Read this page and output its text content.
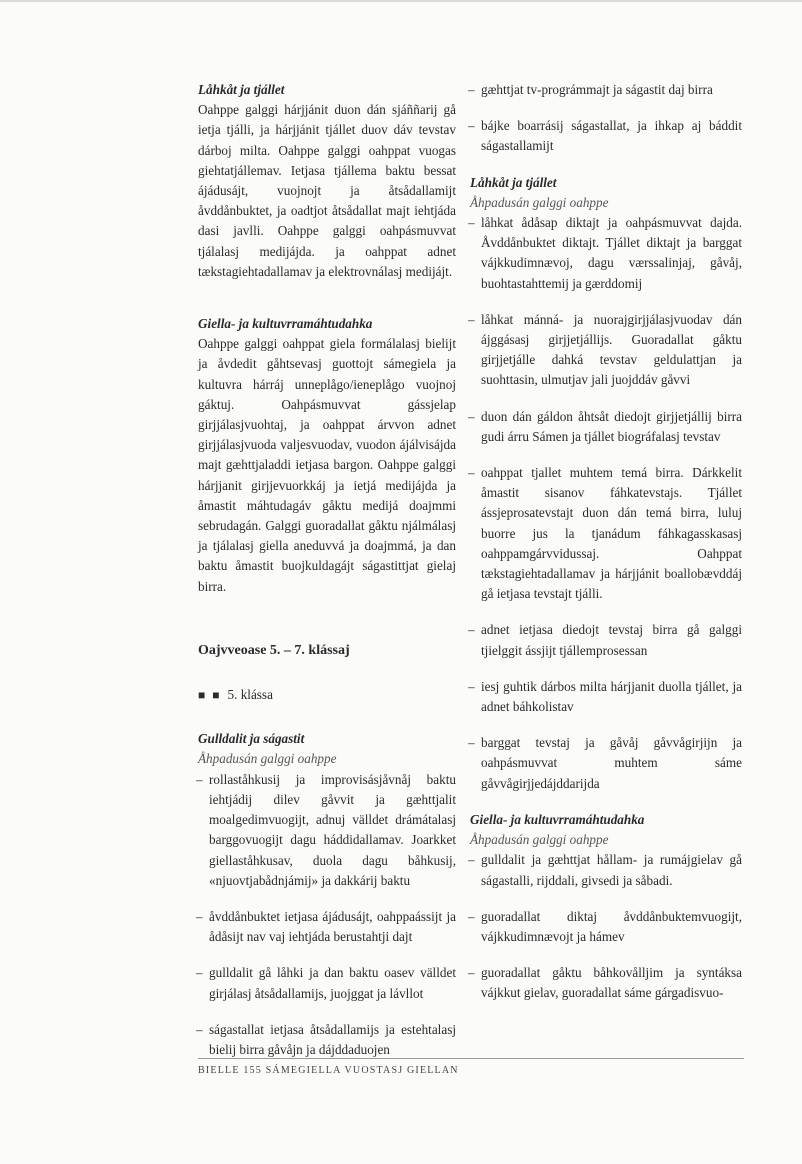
Låhkåt ja tjállet
Oahppe galggi hárjjánit duon dán sjáññarij gå ietja tjálli, ja hárjjánit tjállet duov dáv tevstav dárboj milta. Oahppe galggi oahppat vuogas giehtatjállemav. Ietjasa tjállema baktu bessat ájádusájt, vuojnojt ja åtsådallamijt åvddånbuktet, ja oadtjot åtsådallat majt iehtjáda dasi javlli. Oahppe galggi oahpásmuvvat tjálalasj medijájda. ja oahppat adnet tækstagiehtadallamav ja elektrovnálasj medijájt.
Giella- ja kultuvrramáhtudahka
Oahppe galggi oahppat giela formálalasj bielijt ja åvdedit gåhtsevasj guottojt sámegiela ja kultuvra hárráj unneplågo/ieneplågo vuojnoj gáktuj. Oahpásmuvvat gássjelap girjjálasjvuohtaj, ja oahppat árvvon adnet girjjálasjvuoda valjesvuodav, vuodon ájálvisájda majt gæhttjaladdi ietjasa bargon. Oahppe galggi hárjjanit girjjevuorkkáj ja ietjá medijájda ja åmastit máhtudagáv gåktu medijá doajmmi sebrudagán. Galggi guoradallat gåktu njálmálasj ja tjálalasj giella aneduvvá ja doajmmá, ja dan baktu åmastit buojkuldagájt ságastittjat gielaj birra.
Oajvveoase 5. – 7. klássaj
■ ■ 5. klássa
Gulldalit ja ságastit
Åhpadusán galggi oahppe
– rollaståhkusij ja improvisásjåvnåj baktu iehtjádij dilev gåvvit ja gæhttjalit moalgedimvuogijt, adnuj välldet drámátalasj barggovuogijt dagu háddidallamav. Joarkket giellaståhkusav, duola dagu båhkusij, «njuovtjabådnjámij» ja dakkárij baktu
– åvddånbuktet ietjasa ájádusájt, oahppaássijt ja ådåsijt nav vaj iehtjáda berustahtji dajt
– gulldalit gå låhki ja dan baktu oasev välldet girjálasj åtsådallamijs, juojggat ja lávllot
– ságastallat ietjasa åtsådallamijs ja estehtalasj bielij birra gåvåjn ja dájddaduojen
– gæhttjat tv-prográmmajt ja ságastit daj birra
– bájke boarrásij ságastallat, ja ihkap aj báddit ságastallamijt
Låhkåt ja tjállet
Åhpadusán galggi oahppe
– låhkat ådåsap diktajt ja oahpásmuvvat dajda. Åvddånbuktet diktajt. Tjállet diktajt ja barggat vájkkudimnævoj, dagu værssalinjaj, gåvåj, buohtastahttemij ja gærddomij
– låhkat mánná- ja nuorajgirjjálasjvuodav dán ájggásasj girjjetjállijs. Guoradallat gåktu girjjetjálle dahká tevstav geldulattjan ja suohttasin, ulmutjav jali juojddáv gåvvi
– duon dán gáldon åhtsåt diedojt girjjetjállij birra gudi árru Sámen ja tjállet biográfalasj tevstav
– oahppat tjallet muhtem temá birra. Dárkkelit åmastit sisanov fáhkatevstajs. Tjállet ássjeprosatevstajt duon dán temá birra, luluj buorre jus la tjanádum fáhkagasskasasj oahppamgárvvidussaj. Oahppat tækstagiehtadallamav ja hárjjánit boallobævddáj gå ietjasa tevstajt tjálli.
– adnet ietjasa diedojt tevstaj birra gå galggi tjielggit ássjijt tjállemprosessan
– iesj guhtik dárbos milta hárjjanit duolla tjállet, ja adnet báhkolistav
– barggat tevstaj ja gåvåj gåvvågirjijn ja oahpásmuvvat muhtem sáme gåvvågirjjedájddarijda
Giella- ja kultuvrramáhtudahka
Åhpadusán galggi oahppe
– gulldalit ja gæhttjat hållam- ja rumájgielav gå ságastalli, rijddali, givsedi ja såbadi.
– guoradallat diktaj åvddånbuktemvuogijt, vájkkudimnævojt ja hámev
– guoradallat gåktu båhkovålljim ja syntáksa vájkkut gielav, guoradallat sáme gárgadisvuo-
BIELLE 155 SÁMEGIELLA VUOSTASJ GIELLAN
